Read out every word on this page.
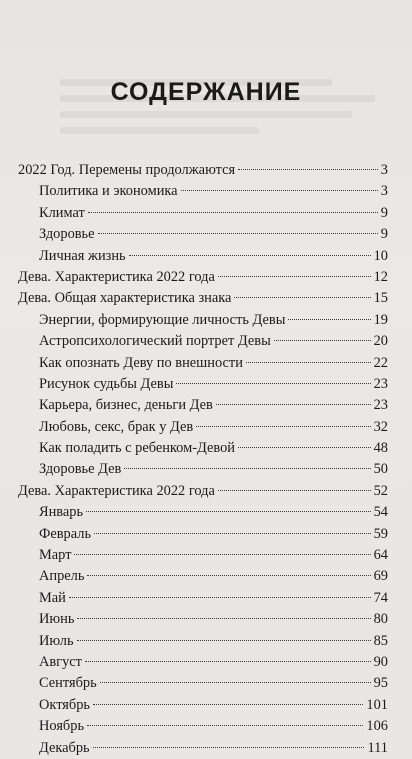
СОДЕРЖАНИЕ
2022 Год. Перемены продолжаются	3
Политика и экономика	3
Климат	9
Здоровье	9
Личная жизнь	10
Дева. Характеристика 2022 года	12
Дева. Общая характеристика знака	15
Энергии, формирующие личность Девы	19
Астропсихологический портрет Девы	20
Как опознать Деву по внешности	22
Рисунок судьбы Девы	23
Карьера, бизнес, деньги Дев	23
Любовь, секс, брак у Дев	32
Как поладить с ребенком-Девой	48
Здоровье Дев	50
Дева. Характеристика 2022 года	52
Январь	54
Февраль	59
Март	64
Апрель	69
Май	74
Июнь	80
Июль	85
Август	90
Сентябрь	95
Октябрь	101
Ноябрь	106
Декабрь	111
